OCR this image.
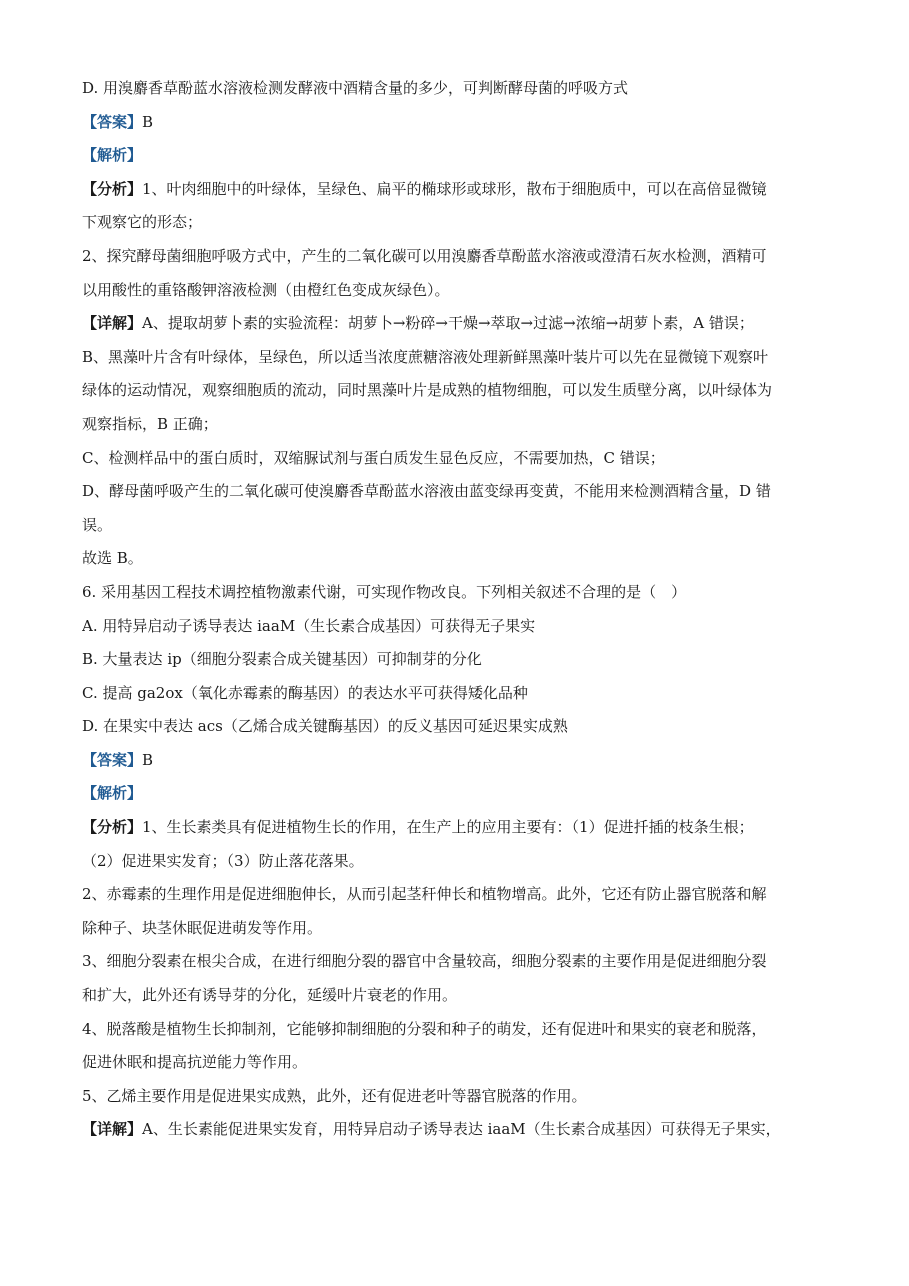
D. 用溴麝香草酚蓝水溶液检测发酵液中酒精含量的多少，可判断酵母菌的呼吸方式
【答案】B
【解析】
【分析】1、叶肉细胞中的叶绿体，呈绿色、扁平的椭球形或球形，散布于细胞质中，可以在高倍显微镜
下观察它的形态；
2、探究酵母菌细胞呼吸方式中，产生的二氧化碳可以用溴麝香草酚蓝水溶液或澄清石灰水检测，酒精可
以用酸性的重铬酸钾溶液检测（由橙红色变成灰绿色）。
【详解】A、提取胡萝卜素的实验流程：胡萝卜→粉碎→干燥→萃取→过滤→浓缩→胡萝卜素，A 错误；
B、黑藻叶片含有叶绿体，呈绿色，所以适当浓度蔗糖溶液处理新鲜黑藻叶装片可以先在显微镜下观察叶
绿体的运动情况，观察细胞质的流动，同时黑藻叶片是成熟的植物细胞，可以发生质壁分离，以叶绿体为
观察指标，B 正确；
C、检测样品中的蛋白质时，双缩脲试剂与蛋白质发生显色反应，不需要加热，C 错误；
D、酵母菌呼吸产生的二氧化碳可使溴麝香草酚蓝水溶液由蓝变绿再变黄，不能用来检测酒精含量，D 错
误。
故选 B。
6. 采用基因工程技术调控植物激素代谢，可实现作物改良。下列相关叙述不合理的是（　）
A. 用特异启动子诱导表达 iaaM（生长素合成基因）可获得无子果实
B. 大量表达 ip（细胞分裂素合成关键基因）可抑制芽的分化
C. 提高 ga2ox（氧化赤霉素的酶基因）的表达水平可获得矮化品种
D. 在果实中表达 acs（乙烯合成关键酶基因）的反义基因可延迟果实成熟
【答案】B
【解析】
【分析】1、生长素类具有促进植物生长的作用，在生产上的应用主要有：（1）促进扦插的枝条生根；
（2）促进果实发育；（3）防止落花落果。
2、赤霉素的生理作用是促进细胞伸长，从而引起茎秆伸长和植物增高。此外，它还有防止器官脱落和解
除种子、块茎休眠促进萌发等作用。
3、细胞分裂素在根尖合成，在进行细胞分裂的器官中含量较高，细胞分裂素的主要作用是促进细胞分裂
和扩大，此外还有诱导芽的分化，延缓叶片衰老的作用。
4、脱落酸是植物生长抑制剂，它能够抑制细胞的分裂和种子的萌发，还有促进叶和果实的衰老和脱落，
促进休眠和提高抗逆能力等作用。
5、乙烯主要作用是促进果实成熟，此外，还有促进老叶等器官脱落的作用。
【详解】A、生长素能促进果实发育，用特异启动子诱导表达 iaaM（生长素合成基因）可获得无子果实，
